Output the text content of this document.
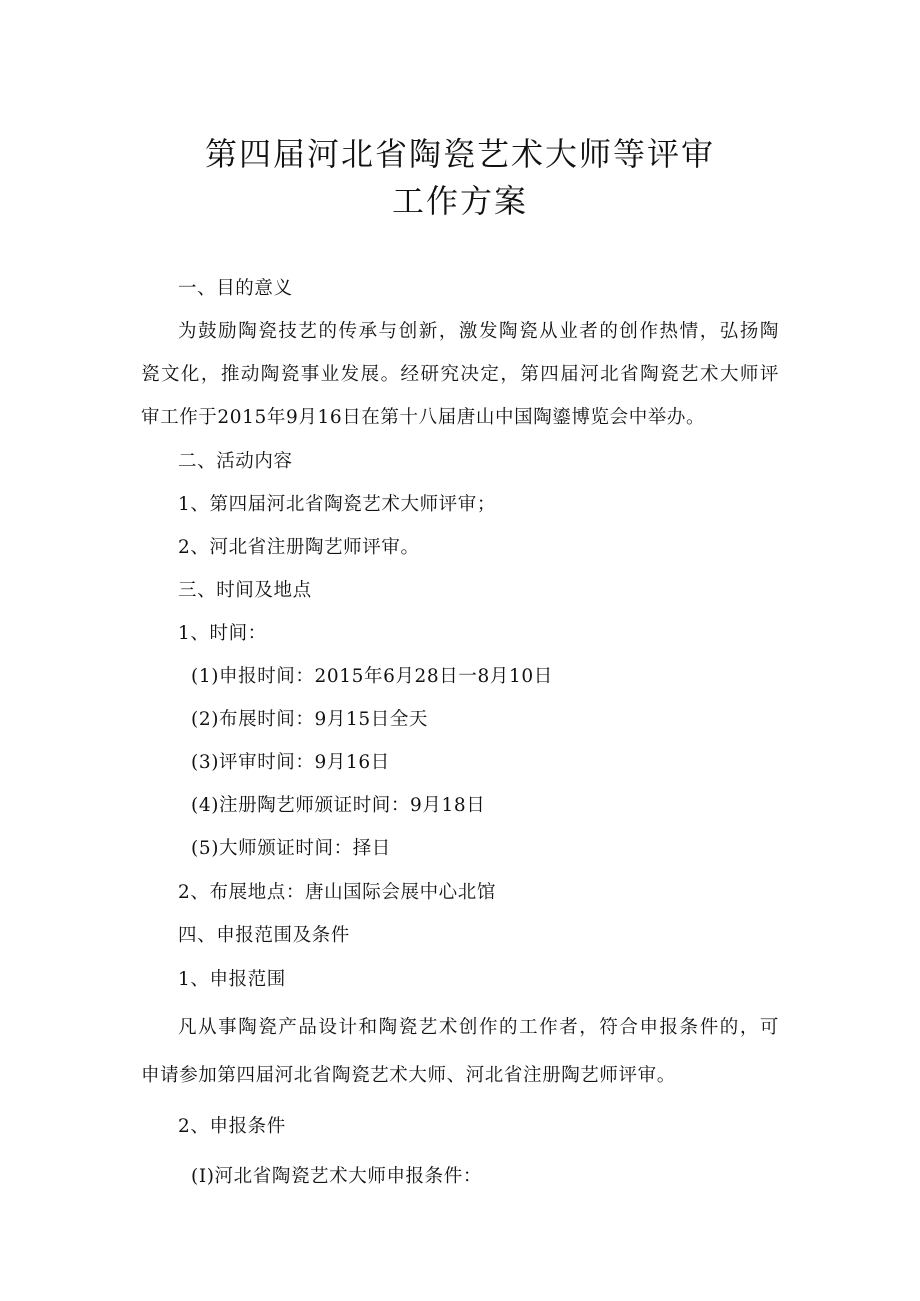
第四届河北省陶瓷艺术大师等评审
工作方案
一、目的意义
为鼓励陶瓷技艺的传承与创新，激发陶瓷从业者的创作热情，弘扬陶
瓷文化，推动陶瓷事业发展。经研究决定，第四届河北省陶瓷艺术大师评
审工作于2015年9月16日在第十八届唐山中国陶鎏博览会中举办。
二、活动内容
1、第四届河北省陶瓷艺术大师评审；
2、河北省注册陶艺师评审。
三、时间及地点
1、时间：
(1)申报时间：2015年6月28日一8月10日
(2)布展时间：9月15日全天
(3)评审时间：9月16日
(4)注册陶艺师颁证时间：9月18日
(5)大师颁证时间：择日
2、布展地点：唐山国际会展中心北馆
四、申报范围及条件
1、申报范围
凡从事陶瓷产品设计和陶瓷艺术创作的工作者，符合申报条件的，可
申请参加第四届河北省陶瓷艺术大师、河北省注册陶艺师评审。
2、申报条件
(I)河北省陶瓷艺术大师申报条件：
